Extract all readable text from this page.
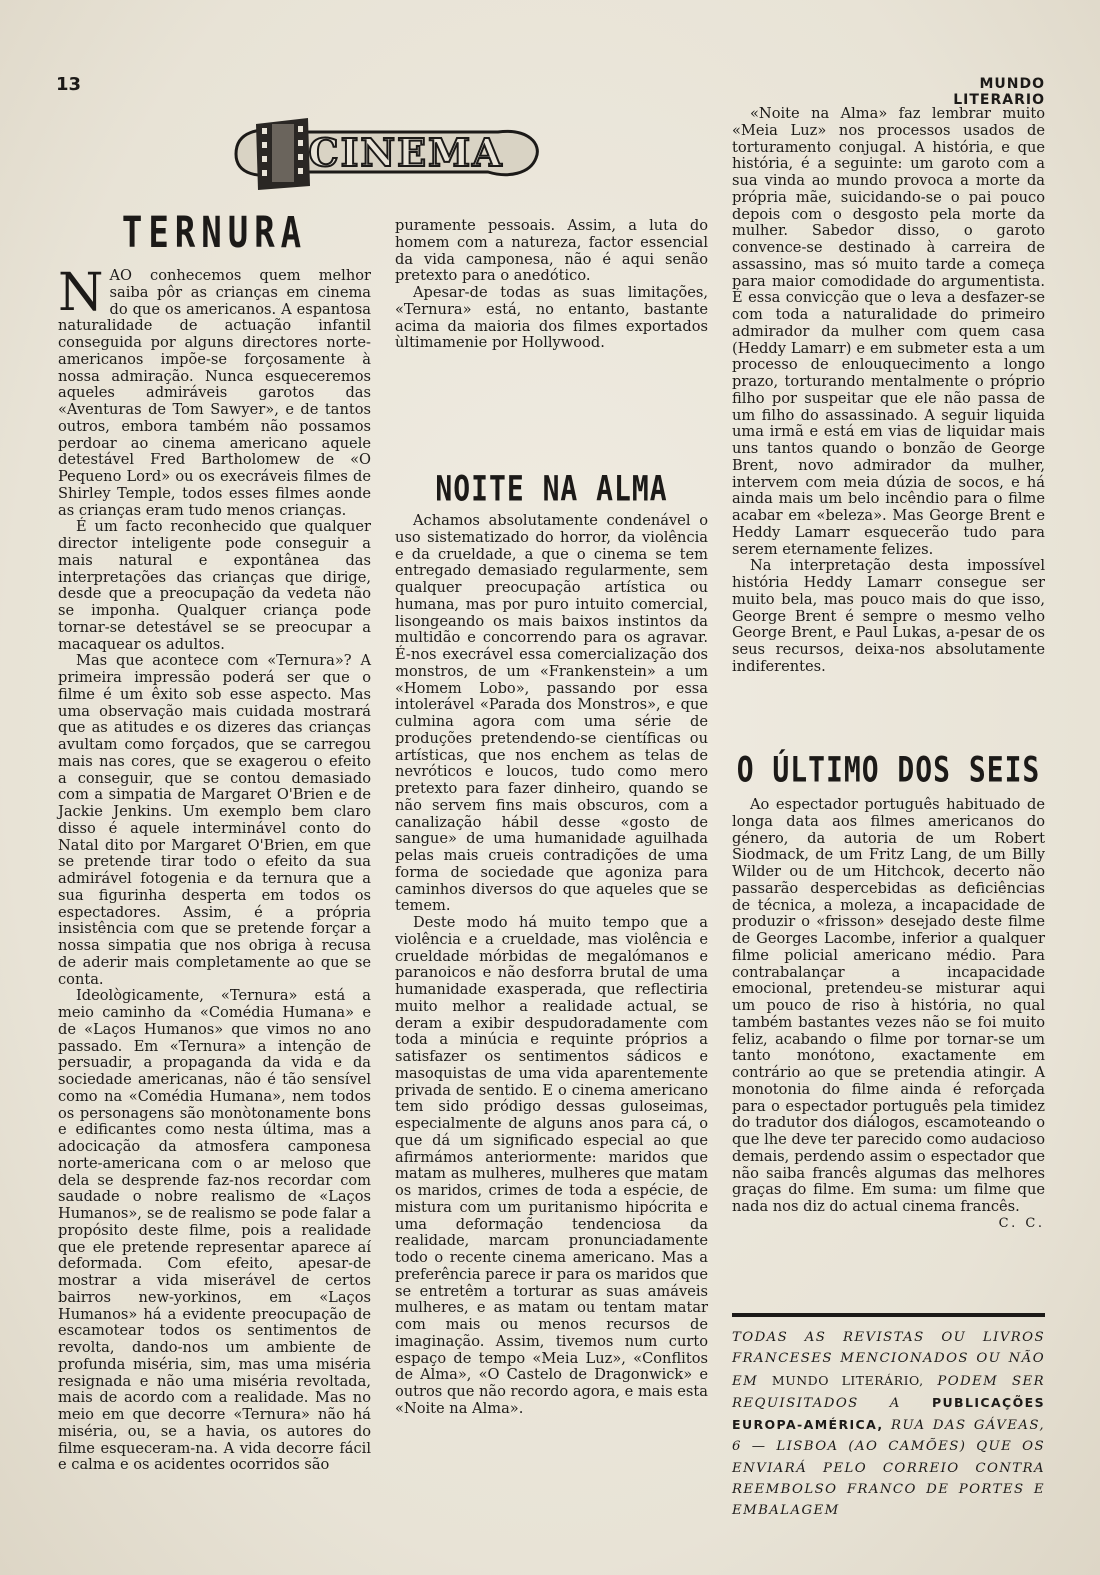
13	MUNDO LITERARIO
CINEMA
TERNURA

NAO conhecemos quem melhor saiba pôr as crianças em cinema do que os americanos. A espantosa naturalidade de actuação infantil conseguida por alguns directores norte-americanos impõe-se forçosamente à nossa admiração. Nunca esqueceremos aqueles admiráveis garotos das «Aventuras de Tom Sawyer», e de tantos outros, embora também não possamos perdoar ao cinema americano aquele detestável Fred Bartholomew de «O Pequeno Lord» ou os execráveis filmes de Shirley Temple, todos esses filmes aonde as crianças eram tudo menos crianças.

É um facto reconhecido que qualquer director inteligente pode conseguir a mais natural e expontânea das interpretações das crianças que dirige, desde que a preocupação da vedeta não se imponha. Qualquer criança pode tornar-se detestável se se preocupar a macaquear os adultos.

Mas que acontece com «Ternura»? A primeira impressão poderá ser que o filme é um êxito sob esse aspecto. Mas uma observação mais cuidada mostrará que as atitudes e os dizeres das crianças avultam como forçados, que se carregou mais nas cores, que se exagerou o efeito a conseguir, que se contou demasiado com a simpatia de Margaret O'Brien e de Jackie Jenkins. Um exemplo bem claro disso é aquele interminável conto do Natal dito por Margaret O'Brien, em que se pretende tirar todo o efeito da sua admirável fotogenia e da ternura que a sua figurinha desperta em todos os espectadores. Assim, é a própria insistência com que se pretende forçar a nossa simpatia que nos obriga à recusa de aderir mais completamente ao que se conta.

Ideològicamente, «Ternura» está a meio caminho da «Comédia Humana» e de «Laços Humanos» que vimos no ano passado. Em «Ternura» a intenção de persuadir, a propaganda da vida e da sociedade americanas, não é tão sensível como na «Comédia Humana», nem todos os personagens são monòtonamente bons e edificantes como nesta última, mas a adocicação da atmosfera camponesa norte-americana com o ar meloso que dela se desprende faz-nos recordar com saudade o nobre realismo de «Laços Humanos», se de realismo se pode falar a propósito deste filme, pois a realidade que ele pretende representar aparece aí deformada. Com efeito, apesar-de mostrar a vida miserável de certos bairros new-yorkinos, em «Laços Humanos» há a evidente preocupação de escamotear todos os sentimentos de revolta, dando-nos um ambiente de profunda miséria, sim, mas uma miséria resignada e não uma miséria revoltada, mais de acordo com a realidade. Mas no meio em que decorre «Ternura» não há miséria, ou, se a havia, os autores do filme esqueceram-na. A vida decorre fácil e calma e os acidentes ocorridos são

puramente pessoais. Assim, a luta do homem com a natureza, factor essencial da vida camponesa, não é aqui senão pretexto para o anedótico.

Apesar-de todas as suas limitações, «Ternura» está, no entanto, bastante acima da maioria dos filmes exportados ùltimamenie por Hollywood.

NOITE NA ALMA

Achamos absolutamente condenável o uso sistematizado do horror, da violência e da crueldade, a que o cinema se tem entregado demasiado regularmente, sem qualquer preocupação artística ou humana, mas por puro intuito comercial, lisongeando os mais baixos instintos da multidão e concorrendo para os agravar. É-nos execrável essa comercialização dos monstros, de um «Frankenstein» a um «Homem Lobo», passando por essa intolerável «Parada dos Monstros», e que culmina agora com uma série de produções pretendendo-se científicas ou artísticas, que nos enchem as telas de nevróticos e loucos, tudo como mero pretexto para fazer dinheiro, quando se não servem fins mais obscuros, com a canalização hábil desse «gosto de sangue» de uma humanidade aguilhada pelas mais crueis contradições de uma forma de sociedade que agoniza para caminhos diversos do que aqueles que se temem.

Deste modo há muito tempo que a violência e a crueldade, mas violência e crueldade mórbidas de megalómanos e paranoicos e não desforra brutal de uma humanidade exasperada, que reflectiria muito melhor a realidade actual, se deram a exibir despudoradamente com toda a minúcia e requinte próprios a satisfazer os sentimentos sádicos e masoquistas de uma vida aparentemente privada de sentido. E o cinema americano tem sido pródigo dessas guloseimas, especialmente de alguns anos para cá, o que dá um significado especial ao que afirmámos anteriormente: maridos que matam as mulheres, mulheres que matam os maridos, crimes de toda a espécie, de mistura com um puritanismo hipócrita e uma deformação tendenciosa da realidade, marcam pronunciadamente todo o recente cinema americano. Mas a preferência parece ir para os maridos que se entretêm a torturar as suas amáveis mulheres, e as matam ou tentam matar com mais ou menos recursos de imaginação. Assim, tivemos num curto espaço de tempo «Meia Luz», «Conflitos de Alma», «O Castelo de Dragonwick» e outros que não recordo agora, e mais esta «Noite na Alma».

«Noite na Alma» faz lembrar muito «Meia Luz» nos processos usados de torturamento conjugal. A história, e que história, é a seguinte: um garoto com a sua vinda ao mundo provoca a morte da própria mãe, suicidando-se o pai pouco depois com o desgosto pela morte da mulher. Sabedor disso, o garoto convence-se destinado à carreira de assassino, mas só muito tarde a começa para maior comodidade do argumentista. É essa convicção que o leva a desfazer-se com toda a naturalidade do primeiro admirador da mulher com quem casa (Heddy Lamarr) e em submeter esta a um processo de enlouquecimento a longo prazo, torturando mentalmente o próprio filho por suspeitar que ele não passa de um filho do assassinado. A seguir liquida uma irmã e está em vias de liquidar mais uns tantos quando o bonzão de George Brent, novo admirador da mulher, intervem com meia dúzia de socos, e há ainda mais um belo incêndio para o filme acabar em «beleza». Mas George Brent e Heddy Lamarr esquecerão tudo para serem eternamente felizes.

Na interpretação desta impossível história Heddy Lamarr consegue ser muito bela, mas pouco mais do que isso, George Brent é sempre o mesmo velho George Brent, e Paul Lukas, a-pesar de os seus recursos, deixa-nos absolutamente indiferentes.

O ÚLTIMO DOS SEIS

Ao espectador português habituado de longa data aos filmes americanos do género, da autoria de um Robert Siodmack, de um Fritz Lang, de um Billy Wilder ou de um Hitchcok, decerto não passarão despercebidas as deficiências de técnica, a moleza, a incapacidade de produzir o «frisson» desejado deste filme de Georges Lacombe, inferior a qualquer filme policial americano médio. Para contrabalançar a incapacidade emocional, pretendeu-se misturar aqui um pouco de riso à história, no qual também bastantes vezes não se foi muito feliz, acabando o filme por tornar-se um tanto monótono, exactamente em contrário ao que se pretendia atingir. A monotonia do filme ainda é reforçada para o espectador português pela timidez do tradutor dos diálogos, escamoteando o que lhe deve ter parecido como audacioso demais, perdendo assim o espectador que não saiba francês algumas das melhores graças do filme. Em suma: um filme que nada nos diz do actual cinema francês.

C. C.

TODAS AS REVISTAS OU LIVROS FRANCESES MENCIONADOS OU NÃO EM MUNDO LITERÁRIO, PODEM SER REQUISITADOS A PUBLICAÇÕES EUROPA-AMÉRICA, RUA DAS GÁVEAS, 6 — LISBOA (AO CAMÕES) QUE OS ENVIARÁ PELO CORREIO CONTRA REEMBOLSO FRANCO DE PORTES E EMBALAGEM
